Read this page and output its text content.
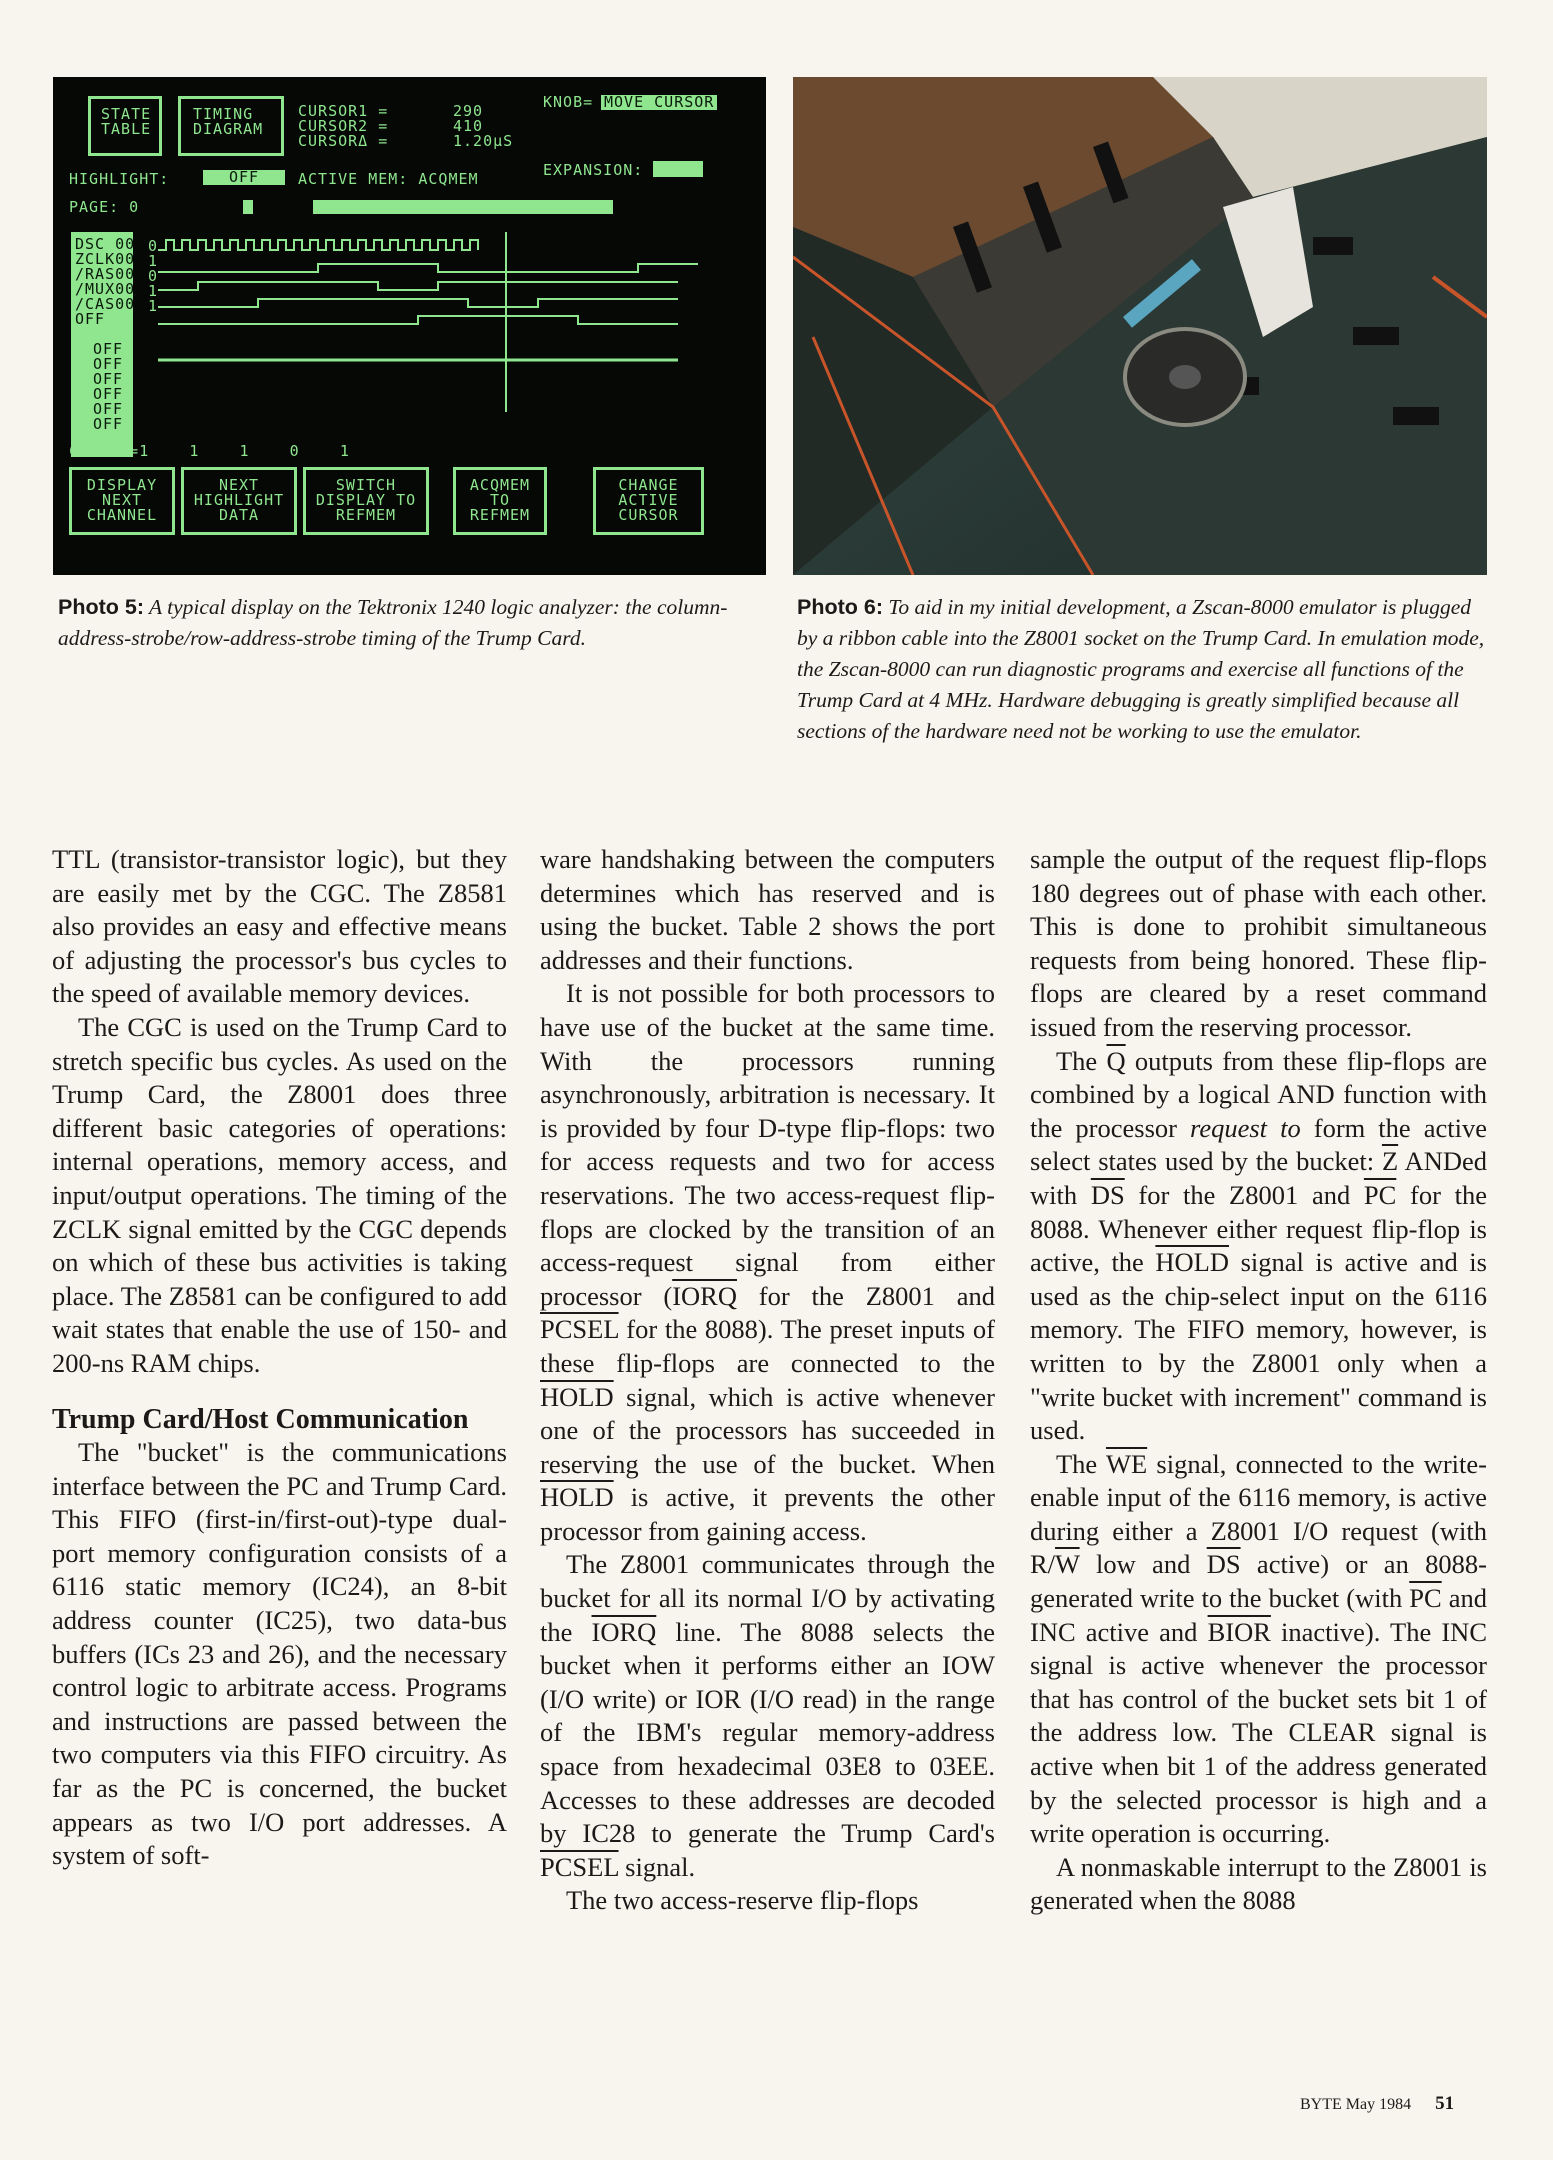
STATE
TABLE
TIMING
DIAGRAM
CURSOR1 =
CURSOR2 =
CURSORΔ =
290
410
1.20µS
KNOB= MOVE CURSOR
EXPANSION:
HIGHLIGHT:	OFF	ACTIVE MEM: ACQMEM
PAGE: 0
DSC 00
ZCLK00
/RAS00
/MUX00
/CAS00
OFF
0
1
0
1
1
OFF
OFF
OFF
OFF
OFF
OFF
CURSOR=1    1    1    0    1
DISPLAY
NEXT
CHANNEL
NEXT
HIGHLIGHT
DATA
SWITCH
DISPLAY TO
REFMEM
ACQMEM
TO
REFMEM
CHANGE
ACTIVE
CURSOR
Photo 5: A typical display on the Tektronix 1240 logic analyzer: the column-address-strobe/row-address-strobe timing of the Trump Card.
Photo 6: To aid in my initial development, a Zscan-8000 emulator is plugged by a ribbon cable into the Z8001 socket on the Trump Card. In emulation mode, the Zscan-8000 can run diagnostic programs and exercise all functions of the Trump Card at 4 MHz. Hardware debugging is greatly simplified because all sections of the hardware need not be working to use the emulator.

TTL (transistor-transistor logic), but they are easily met by the CGC. The Z8581 also provides an easy and effective means of adjusting the processor's bus cycles to the speed of available memory devices.

The CGC is used on the Trump Card to stretch specific bus cycles. As used on the Trump Card, the Z8001 does three different basic categories of operations: internal operations, memory access, and input/output operations. The timing of the ZCLK signal emitted by the CGC depends on which of these bus activities is taking place. The Z8581 can be configured to add wait states that enable the use of 150- and 200-ns RAM chips.

Trump Card/Host Communication

The "bucket" is the communications interface between the PC and Trump Card. This FIFO (first-in/first-out)-type dual-port memory configuration consists of a 6116 static memory (IC24), an 8-bit address counter (IC25), two data-bus buffers (ICs 23 and 26), and the necessary control logic to arbitrate access. Programs and instructions are passed between the two computers via this FIFO circuitry. As far as the PC is concerned, the bucket appears as two I/O port addresses. A system of soft-

ware handshaking between the computers determines which has reserved and is using the bucket. Table 2 shows the port addresses and their functions.

It is not possible for both processors to have use of the bucket at the same time. With the processors running asynchronously, arbitration is necessary. It is provided by four D-type flip-flops: two for access requests and two for access reservations. The two access-request flip-flops are clocked by the transition of an access-request signal from either processor (IORQ for the Z8001 and PCSEL for the 8088). The preset inputs of these flip-flops are connected to the HOLD signal, which is active whenever one of the processors has succeeded in reserving the use of the bucket. When HOLD is active, it prevents the other processor from gaining access.

The Z8001 communicates through the bucket for all its normal I/O by activating the IORQ line. The 8088 selects the bucket when it performs either an IOW (I/O write) or IOR (I/O read) in the range of the IBM's regular memory-address space from hexadecimal 03E8 to 03EE. Accesses to these addresses are decoded by IC28 to generate the Trump Card's PCSEL signal.

The two access-reserve flip-flops

sample the output of the request flip-flops 180 degrees out of phase with each other. This is done to prohibit simultaneous requests from being honored. These flip-flops are cleared by a reset command issued from the reserving processor.

The $\overline{Q}$ outputs from these flip-flops are combined by a logical AND function with the processor request to form the active select states used by the bucket: $\overline{Z}$ ANDed with $\overline{DS}$ for the Z8001 and $\overline{PC}$ for the 8088. Whenever either request flip-flop is active, the HOLD signal is active and is used as the chip-select input on the 6116 memory. The FIFO memory, however, is written to by the Z8001 only when a "write bucket with increment" command is used.

The $\overline{WE}$ signal, connected to the write-enable input of the 6116 memory, is active during either a Z8001 I/O request (with $R/\overline{W}$ low and $\overline{DS}$ active) or an 8088-generated write to the bucket (with $\overline{PC}$ and INC active and BIOR inactive). The INC signal is active whenever the processor that has control of the bucket sets bit 1 of the address low. The CLEAR signal is active when bit 1 of the address generated by the selected processor is high and a write operation is occurring.

A nonmaskable interrupt to the Z8001 is generated when the 8088

BYTE May 1984 51
